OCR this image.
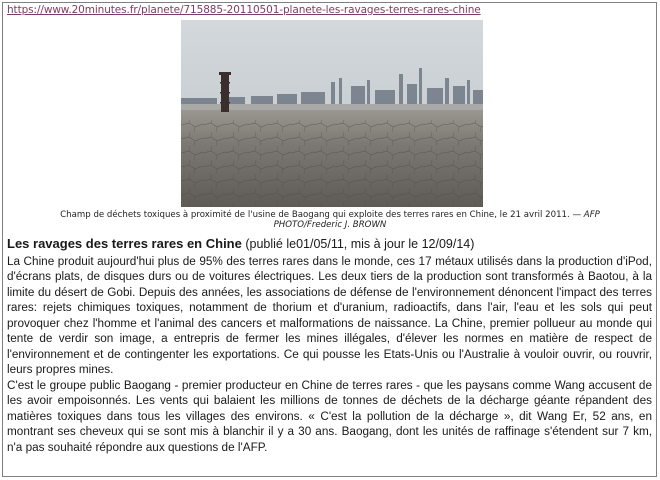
https://www.20minutes.fr/planete/715885-20110501-planete-les-ravages-terres-rares-chine
Champ de déchets toxiques à proximité de l'usine de Baogang qui exploite des terres rares en Chine, le 21 avril 2011. — AFP PHOTO/Frederic J. BROWN
Les ravages des terres rares en Chine (publié le01/05/11, mis à jour le 12/09/14)

La Chine produit aujourd'hui plus de 95% des terres rares dans le monde, ces 17 métaux utilisés dans la production d'iPod, d'écrans plats, de disques durs ou de voitures électriques. Les deux tiers de la production sont transformés à Baotou, à la limite du désert de Gobi. Depuis des années, les associations de défense de l'environnement dénoncent l'impact des terres rares: rejets chimiques toxiques, notamment de thorium et d'uranium, radioactifs, dans l'air, l'eau et les sols qui peut provoquer chez l'homme et l'animal des cancers et malformations de naissance. La Chine, premier pollueur au monde qui tente de verdir son image, a entrepris de fermer les mines illégales, d'élever les normes en matière de respect de l'environnement et de contingenter les exportations. Ce qui pousse les Etats-Unis ou l'Australie à vouloir ouvrir, ou rouvrir, leurs propres mines.

C'est le groupe public Baogang - premier producteur en Chine de terres rares - que les paysans comme Wang accusent de les avoir empoisonnés. Les vents qui balaient les millions de tonnes de déchets de la décharge géante répandent des matières toxiques dans tous les villages des environs. « C'est la pollution de la décharge », dit Wang Er, 52 ans, en montrant ses cheveux qui se sont mis à blanchir il y a 30 ans. Baogang, dont les unités de raffinage s'étendent sur 7 km, n'a pas souhaité répondre aux questions de l'AFP.
